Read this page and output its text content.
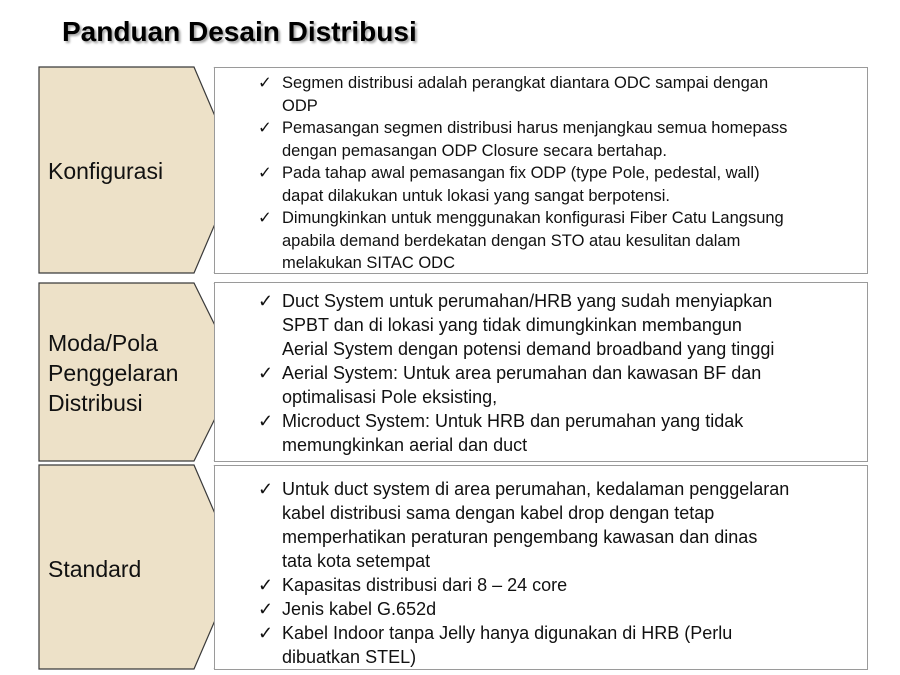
Panduan Desain Distribusi
Konfigurasi
Moda/Pola
Penggelaran
Distribusi
Standard
✓ Segmen distribusi adalah perangkat diantara ODC sampai dengan
ODP
✓ Pemasangan segmen distribusi harus menjangkau semua homepass
dengan pemasangan ODP Closure secara bertahap.
✓ Pada tahap awal pemasangan fix ODP (type Pole, pedestal, wall)
dapat dilakukan untuk lokasi yang sangat berpotensi.
✓ Dimungkinkan untuk menggunakan konfigurasi Fiber Catu Langsung
apabila demand berdekatan dengan STO atau kesulitan dalam
melakukan SITAC ODC
✓ Duct System untuk perumahan/HRB yang sudah menyiapkan
SPBT dan di lokasi yang tidak dimungkinkan membangun
Aerial System dengan potensi demand broadband yang tinggi
✓ Aerial System: Untuk area perumahan dan kawasan BF dan
optimalisasi Pole eksisting,
✓ Microduct System: Untuk HRB dan perumahan yang tidak
memungkinkan aerial dan duct
✓ Untuk duct system di area perumahan, kedalaman penggelaran
kabel distribusi sama dengan kabel drop dengan tetap
memperhatikan peraturan pengembang kawasan dan dinas
tata kota setempat
✓ Kapasitas distribusi dari 8 – 24 core
✓ Jenis kabel G.652d
✓ Kabel Indoor tanpa Jelly hanya digunakan di HRB (Perlu
dibuatkan STEL)
